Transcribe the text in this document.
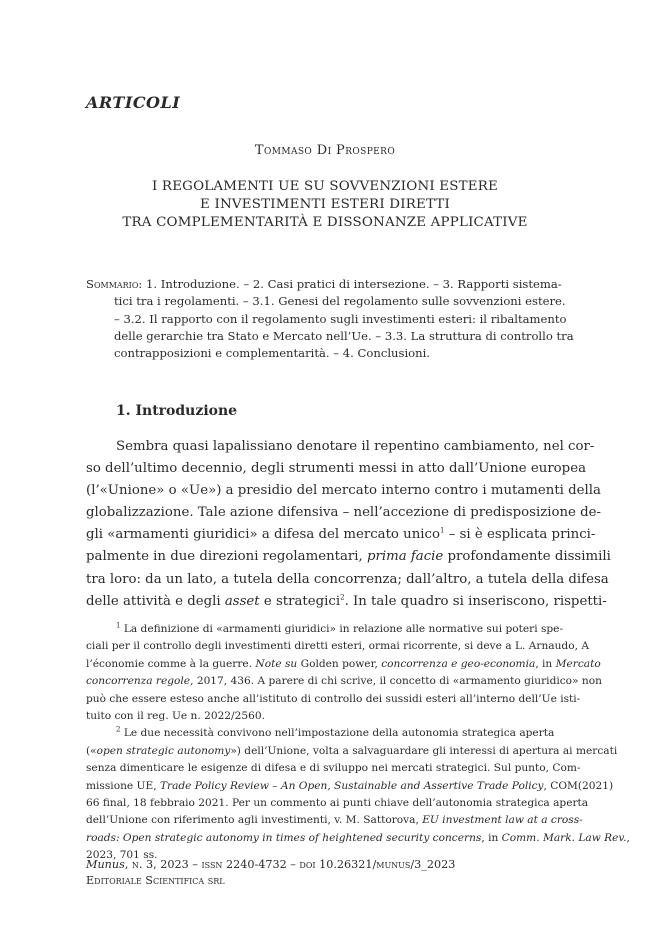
ARTICOLI
Tommaso Di Prospero
I REGOLAMENTI UE SU SOVVENZIONI ESTERE
E INVESTIMENTI ESTERI DIRETTI
TRA COMPLEMENTARITÀ E DISSONANZE APPLICATIVE
Sommario: 1. Introduzione. – 2. Casi pratici di intersezione. – 3. Rapporti sistema-
tici tra i regolamenti. – 3.1. Genesi del regolamento sulle sovvenzioni estere.
– 3.2. Il rapporto con il regolamento sugli investimenti esteri: il ribaltamento
delle gerarchie tra Stato e Mercato nell’Ue. – 3.3. La struttura di controllo tra
contrapposizioni e complementarità. – 4. Conclusioni.
1. Introduzione
Sembra quasi lapalissiano denotare il repentino cambiamento, nel cor-
so dell’ultimo decennio, degli strumenti messi in atto dall’Unione europea
(l’«Unione» o «Ue») a presidio del mercato interno contro i mutamenti della
globalizzazione. Tale azione difensiva – nell’accezione di predisposizione de-
gli «armamenti giuridici» a difesa del mercato unico$^1$ – si è esplicata princi-
palmente in due direzioni regolamentari, prima facie profondamente dissimili
tra loro: da un lato, a tutela della concorrenza; dall’altro, a tutela della difesa
delle attività e degli asset e strategici$^2$. In tale quadro si inseriscono, rispetti-
$^1$ La definizione di «armamenti giuridici» in relazione alle normative sui poteri spe-
ciali per il controllo degli investimenti diretti esteri, ormai ricorrente, si deve a L. Arnaudo, A
l’économie comme à la guerre. Note su Golden power, concorrenza e geo-economia, in Mercato
concorrenza regole, 2017, 436. A parere di chi scrive, il concetto di «armamento giuridico» non
può che essere esteso anche all’istituto di controllo dei sussidi esteri all’interno dell’Ue isti-
tuito con il reg. Ue n. 2022/2560.
$^2$ Le due necessità convivono nell’impostazione della autonomia strategica aperta
(«open strategic autonomy») dell’Unione, volta a salvaguardare gli interessi di apertura ai mercati
senza dimenticare le esigenze di difesa e di sviluppo nei mercati strategici. Sul punto, Com-
missione UE, Trade Policy Review – An Open, Sustainable and Assertive Trade Policy, COM(2021)
66 final, 18 febbraio 2021. Per un commento ai punti chiave dell’autonomia strategica aperta
dell’Unione con riferimento agli investimenti, v. M. Sattorova, EU investment law at a cross-
roads: Open strategic autonomy in times of heightened security concerns, in Comm. Mark. Law Rev.,
2023, 701 ss.
Munus, n. 3, 2023 – issn 2240-4732 – doi 10.26321/munus/3_2023
Editoriale Scientifica srl
